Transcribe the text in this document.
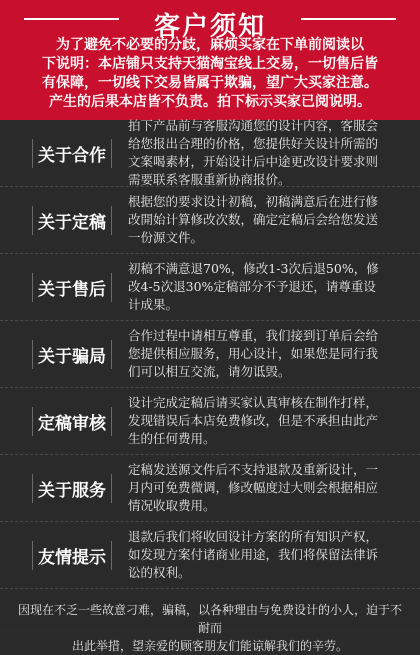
客户须知

为了避免不必要的分歧，麻烦买家在下单前阅读以

下说明：本店铺只支持天猫淘宝线上交易，一切售后皆

有保障，一切线下交易皆属于欺骗，望广大买家注意。

产生的后果本店皆不负责。拍下标示买家已阅说明。

关于合作
拍下产品前与客服沟通您的设计内容，客服会给您报出合理的价格，您提供好关设计所需的文案喝素材，开始设计后中途更改设计要求则需要联系客服重新协商报价。
关于定稿
根据您的要求设计初稿，初稿满意后在进行修改開始计算修改次数，确定定稿后会给您发送一份源文件。
关于售后
初稿不满意退70%，修改1-3次后退50%，修改4-5次退30%定稿部分不予退还，请尊重设计成果。
关于骗局
合作过程中请相互尊重，我们接到订单后会给您提供相应服务，用心设计，如果您是同行我们可以相互交流，请勿诋毁。
定稿审核
设计完成定稿后请买家认真审核在制作打样，发现错误后本店免费修改，但是不承担由此产生的任何费用。
关于服务
定稿发送源文件后不支持退款及重新设计，一月内可免费微调，修改幅度过大则会根据相应情况收取费用。
友情提示
退款后我们将收回设计方案的所有知识产权，如发现方案付诸商业用途，我们将保留法律诉讼的权利。
因现在不乏一些故意刁难，骗稿，以各种理由与免费设计的小人，迫于不耐而
出此举措，望亲爱的顾客朋友们能谅解我们的辛劳。
